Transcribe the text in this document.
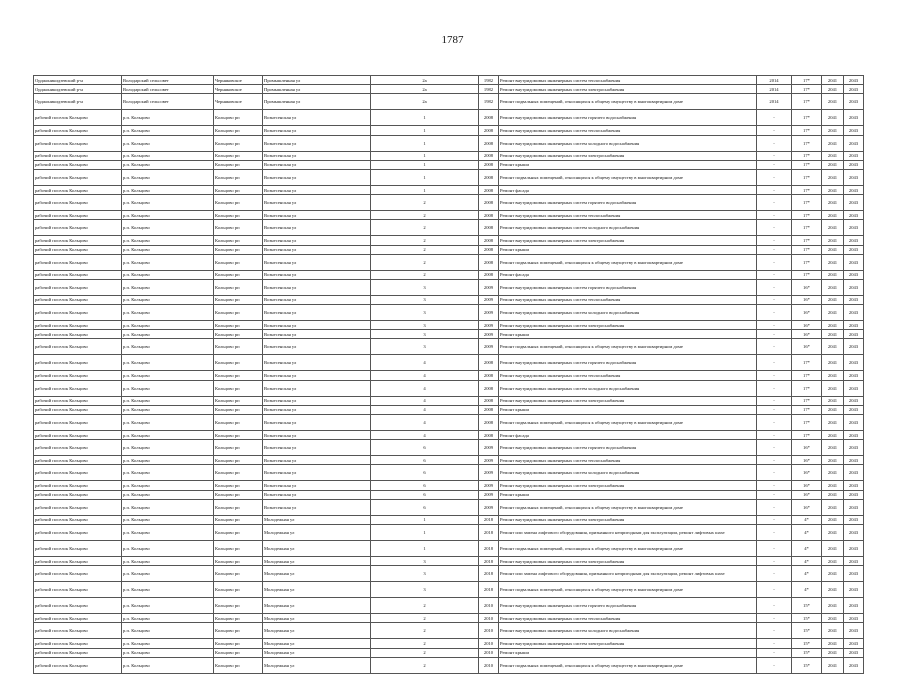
1787
Орджоникидзевский р-н	Володарский сельсовет	Черняковское	Промышленная ул	2а	1982	Ремонт внутридомовых инженерных систем теплоснабжения	2014	17*	2041	2043
Орджоникидзевский р-н	Володарский сельсовет	Черняковское	Промышленная ул	2а	1982	Ремонт внутридомовых инженерных систем электроснабжения	2014	17*	2041	2043
Орджоникидзевский р-н	Володарский сельсовет	Черняковское	Промышленная ул	2а	1982	Ремонт подвальных помещений, относящихся к общему имуществу в многоквартирном доме	2014	17*	2041	2043
рабочий поселок Кольцово	р.п. Кольцово	Кольцово рп	Вознесенская ул	1	2008	Ремонт внутридомовых инженерных систем горячего водоснабжения	-	17*	2041	2043
рабочий поселок Кольцово	р.п. Кольцово	Кольцово рп	Вознесенская ул	1	2008	Ремонт внутридомовых инженерных систем теплоснабжения	-	17*	2041	2043
рабочий поселок Кольцово	р.п. Кольцово	Кольцово рп	Вознесенская ул	1	2008	Ремонт внутридомовых инженерных систем холодного водоснабжения	-	17*	2041	2043
рабочий поселок Кольцово	р.п. Кольцово	Кольцово рп	Вознесенская ул	1	2008	Ремонт внутридомовых инженерных систем электроснабжения	-	17*	2041	2043
рабочий поселок Кольцово	р.п. Кольцово	Кольцово рп	Вознесенская ул	1	2008	Ремонт крыши	-	17*	2041	2043
рабочий поселок Кольцово	р.п. Кольцово	Кольцово рп	Вознесенская ул	1	2008	Ремонт подвальных помещений, относящихся к общему имуществу в многоквартирном доме	-	17*	2041	2043
рабочий поселок Кольцово	р.п. Кольцово	Кольцово рп	Вознесенская ул	1	2008	Ремонт фасада	-	17*	2041	2043
рабочий поселок Кольцово	р.п. Кольцово	Кольцово рп	Вознесенская ул	2	2008	Ремонт внутридомовых инженерных систем горячего водоснабжения	-	17*	2041	2043
рабочий поселок Кольцово	р.п. Кольцово	Кольцово рп	Вознесенская ул	2	2008	Ремонт внутридомовых инженерных систем теплоснабжения	-	17*	2041	2043
рабочий поселок Кольцово	р.п. Кольцово	Кольцово рп	Вознесенская ул	2	2008	Ремонт внутридомовых инженерных систем холодного водоснабжения	-	17*	2041	2043
рабочий поселок Кольцово	р.п. Кольцово	Кольцово рп	Вознесенская ул	2	2008	Ремонт внутридомовых инженерных систем электроснабжения	-	17*	2041	2043
рабочий поселок Кольцово	р.п. Кольцово	Кольцово рп	Вознесенская ул	2	2008	Ремонт крыши	-	17*	2041	2043
рабочий поселок Кольцово	р.п. Кольцово	Кольцово рп	Вознесенская ул	2	2008	Ремонт подвальных помещений, относящихся к общему имуществу в многоквартирном доме	-	17*	2041	2043
рабочий поселок Кольцово	р.п. Кольцово	Кольцово рп	Вознесенская ул	2	2008	Ремонт фасада	-	17*	2041	2043
рабочий поселок Кольцово	р.п. Кольцово	Кольцово рп	Вознесенская ул	3	2009	Ремонт внутридомовых инженерных систем горячего водоснабжения	-	16*	2041	2043
рабочий поселок Кольцово	р.п. Кольцово	Кольцово рп	Вознесенская ул	3	2009	Ремонт внутридомовых инженерных систем теплоснабжения	-	16*	2041	2043
рабочий поселок Кольцово	р.п. Кольцово	Кольцово рп	Вознесенская ул	3	2009	Ремонт внутридомовых инженерных систем холодного водоснабжения	-	16*	2041	2043
рабочий поселок Кольцово	р.п. Кольцово	Кольцово рп	Вознесенская ул	3	2009	Ремонт внутридомовых инженерных систем электроснабжения	-	16*	2041	2043
рабочий поселок Кольцово	р.п. Кольцово	Кольцово рп	Вознесенская ул	3	2009	Ремонт крыши	-	16*	2041	2043
рабочий поселок Кольцово	р.п. Кольцово	Кольцово рп	Вознесенская ул	3	2009	Ремонт подвальных помещений, относящихся к общему имуществу в многоквартирном доме	-	16*	2041	2043
рабочий поселок Кольцово	р.п. Кольцово	Кольцово рп	Вознесенская ул	4	2008	Ремонт внутридомовых инженерных систем горячего водоснабжения	-	17*	2041	2043
рабочий поселок Кольцово	р.п. Кольцово	Кольцово рп	Вознесенская ул	4	2008	Ремонт внутридомовых инженерных систем теплоснабжения	-	17*	2041	2043
рабочий поселок Кольцово	р.п. Кольцово	Кольцово рп	Вознесенская ул	4	2008	Ремонт внутридомовых инженерных систем холодного водоснабжения	-	17*	2041	2043
рабочий поселок Кольцово	р.п. Кольцово	Кольцово рп	Вознесенская ул	4	2008	Ремонт внутридомовых инженерных систем электроснабжения	-	17*	2041	2043
рабочий поселок Кольцово	р.п. Кольцово	Кольцово рп	Вознесенская ул	4	2008	Ремонт крыши	-	17*	2041	2043
рабочий поселок Кольцово	р.п. Кольцово	Кольцово рп	Вознесенская ул	4	2008	Ремонт подвальных помещений, относящихся к общему имуществу в многоквартирном доме	-	17*	2041	2043
рабочий поселок Кольцово	р.п. Кольцово	Кольцово рп	Вознесенская ул	4	2008	Ремонт фасада	-	17*	2041	2043
рабочий поселок Кольцово	р.п. Кольцово	Кольцово рп	Вознесенская ул	6	2009	Ремонт внутридомовых инженерных систем горячего водоснабжения	-	16*	2041	2043
рабочий поселок Кольцово	р.п. Кольцово	Кольцово рп	Вознесенская ул	6	2009	Ремонт внутридомовых инженерных систем теплоснабжения	-	16*	2041	2043
рабочий поселок Кольцово	р.п. Кольцово	Кольцово рп	Вознесенская ул	6	2009	Ремонт внутридомовых инженерных систем холодного водоснабжения	-	16*	2041	2043
рабочий поселок Кольцово	р.п. Кольцово	Кольцово рп	Вознесенская ул	6	2009	Ремонт внутридомовых инженерных систем электроснабжения	-	16*	2041	2043
рабочий поселок Кольцово	р.п. Кольцово	Кольцово рп	Вознесенская ул	6	2009	Ремонт крыши	-	16*	2041	2043
рабочий поселок Кольцово	р.п. Кольцово	Кольцово рп	Вознесенская ул	6	2009	Ремонт подвальных помещений, относящихся к общему имуществу в многоквартирном доме	-	16*	2041	2043
рабочий поселок Кольцово	р.п. Кольцово	Кольцово рп	Молодежная ул	1	2018	Ремонт внутридомовых инженерных систем электроснабжения	-	4*	2041	2043
рабочий поселок Кольцово	р.п. Кольцово	Кольцово рп	Молодежная ул	1	2018	Ремонт или замена лифтового оборудования, признанного непригодным для эксплуатации, ремонт лифтовых шахт	-	4*	2041	2043
рабочий поселок Кольцово	р.п. Кольцово	Кольцово рп	Молодежная ул	1	2018	Ремонт подвальных помещений, относящихся к общему имуществу в многоквартирном доме	-	4*	2041	2043
рабочий поселок Кольцово	р.п. Кольцово	Кольцово рп	Молодежная ул	3	2018	Ремонт внутридомовых инженерных систем электроснабжения	-	4*	2041	2043
рабочий поселок Кольцово	р.п. Кольцово	Кольцово рп	Молодежная ул	3	2018	Ремонт или замена лифтового оборудования, признанного непригодным для эксплуатации, ремонт лифтовых шахт	-	4*	2041	2043
рабочий поселок Кольцово	р.п. Кольцово	Кольцово рп	Молодежная ул	3	2018	Ремонт подвальных помещений, относящихся к общему имуществу в многоквартирном доме	-	4*	2041	2043
рабочий поселок Кольцово	р.п. Кольцово	Кольцово рп	Молодежная ул	2	2010	Ремонт внутридомовых инженерных систем горячего водоснабжения	-	15*	2041	2043
рабочий поселок Кольцово	р.п. Кольцово	Кольцово рп	Молодежная ул	2	2010	Ремонт внутридомовых инженерных систем теплоснабжения	-	15*	2041	2043
рабочий поселок Кольцово	р.п. Кольцово	Кольцово рп	Молодежная ул	2	2010	Ремонт внутридомовых инженерных систем холодного водоснабжения	-	15*	2041	2043
рабочий поселок Кольцово	р.п. Кольцово	Кольцово рп	Молодежная ул	2	2010	Ремонт внутридомовых инженерных систем электроснабжения	-	15*	2041	2043
рабочий поселок Кольцово	р.п. Кольцово	Кольцово рп	Молодежная ул	2	2010	Ремонт крыши	-	15*	2041	2043
рабочий поселок Кольцово	р.п. Кольцово	Кольцово рп	Молодежная ул	2	2010	Ремонт подвальных помещений, относящихся к общему имуществу в многоквартирном доме	-	15*	2041	2043
